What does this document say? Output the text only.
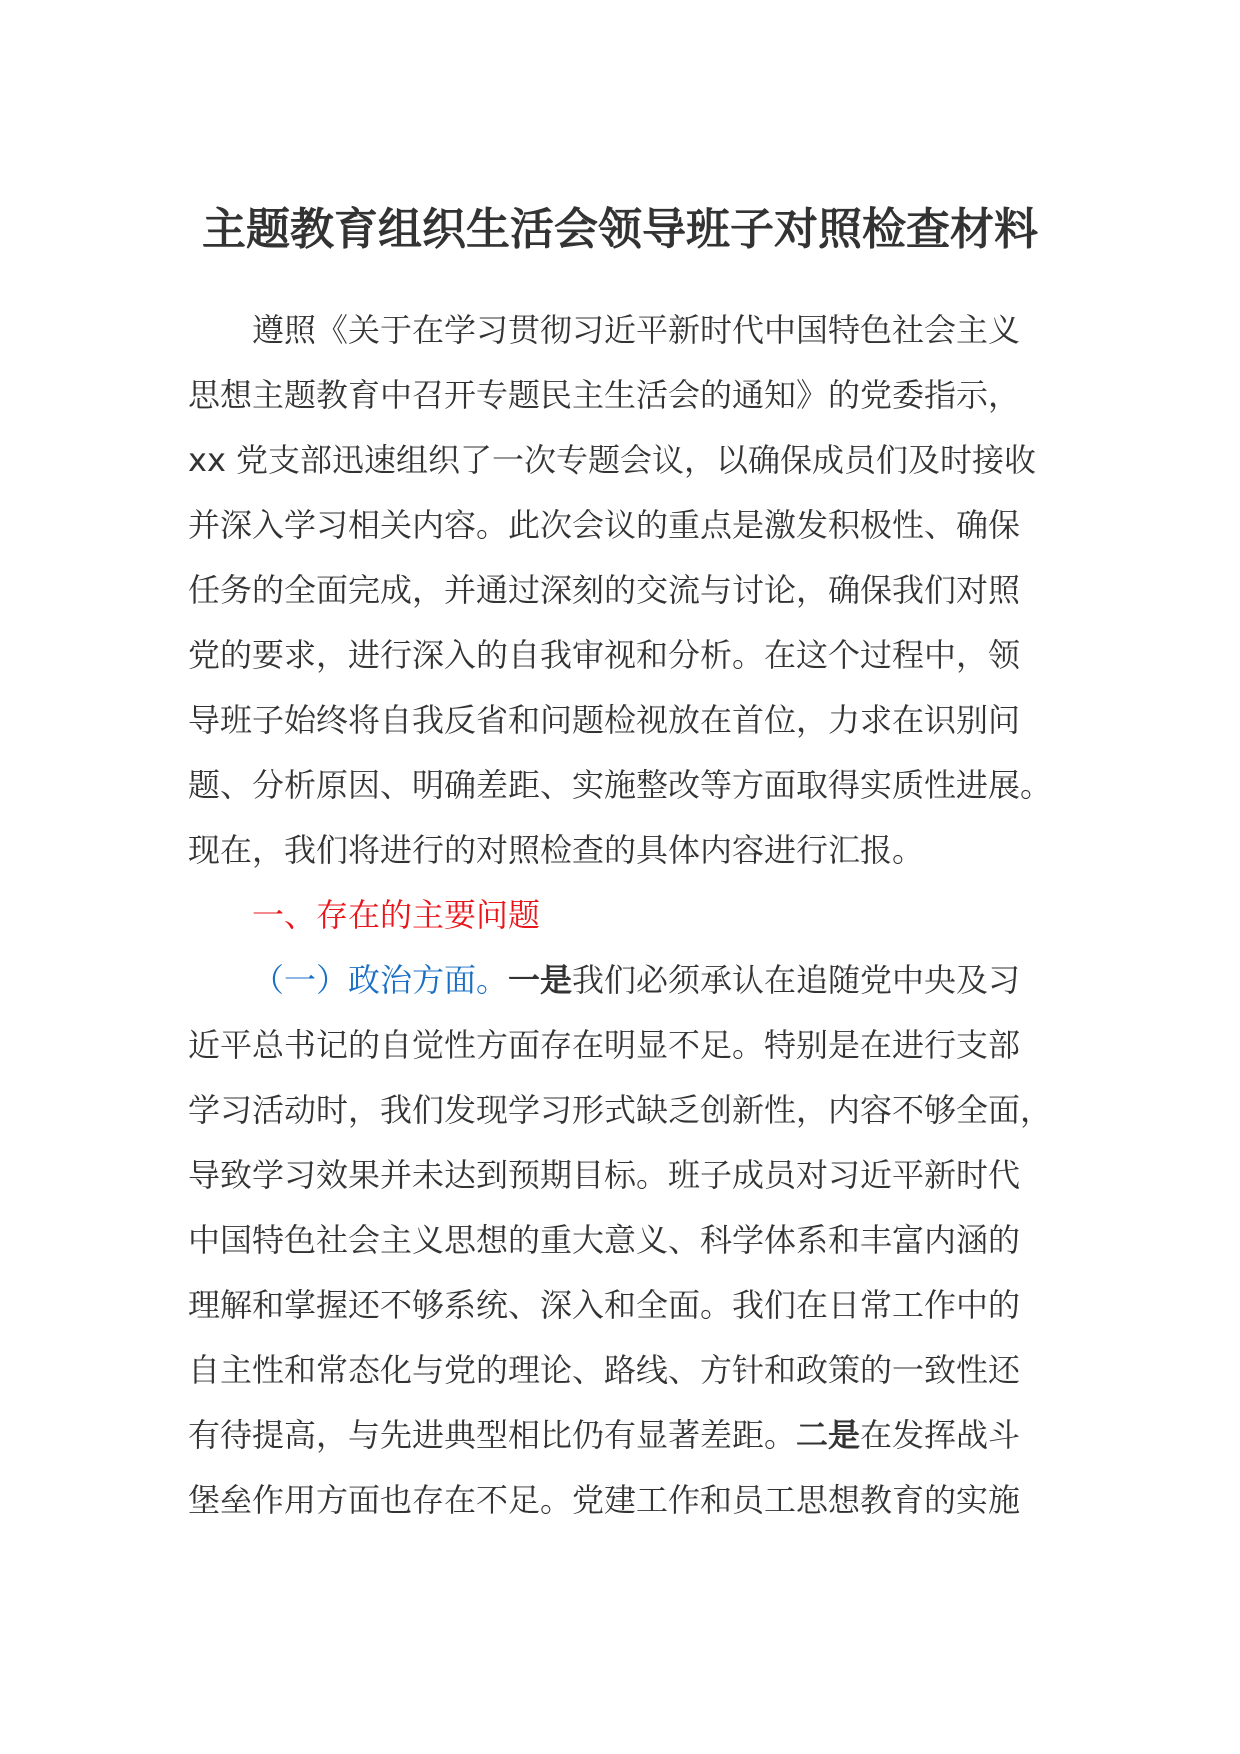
主题教育组织生活会领导班子对照检查材料
遵照《关于在学习贯彻习近平新时代中国特色社会主义
思想主题教育中召开专题民主生活会的通知》的党委指示，
xx 党支部迅速组织了一次专题会议，以确保成员们及时接收
并深入学习相关内容。此次会议的重点是激发积极性、确保
任务的全面完成，并通过深刻的交流与讨论，确保我们对照
党的要求，进行深入的自我审视和分析。在这个过程中，领
导班子始终将自我反省和问题检视放在首位，力求在识别问
题、分析原因、明确差距、实施整改等方面取得实质性进展。
现在，我们将进行的对照检查的具体内容进行汇报。
一、存在的主要问题
（一）政治方面。一是我们必须承认在追随党中央及习
近平总书记的自觉性方面存在明显不足。特别是在进行支部
学习活动时，我们发现学习形式缺乏创新性，内容不够全面，
导致学习效果并未达到预期目标。班子成员对习近平新时代
中国特色社会主义思想的重大意义、科学体系和丰富内涵的
理解和掌握还不够系统、深入和全面。我们在日常工作中的
自主性和常态化与党的理论、路线、方针和政策的一致性还
有待提高，与先进典型相比仍有显著差距。二是在发挥战斗
堡垒作用方面也存在不足。党建工作和员工思想教育的实施
